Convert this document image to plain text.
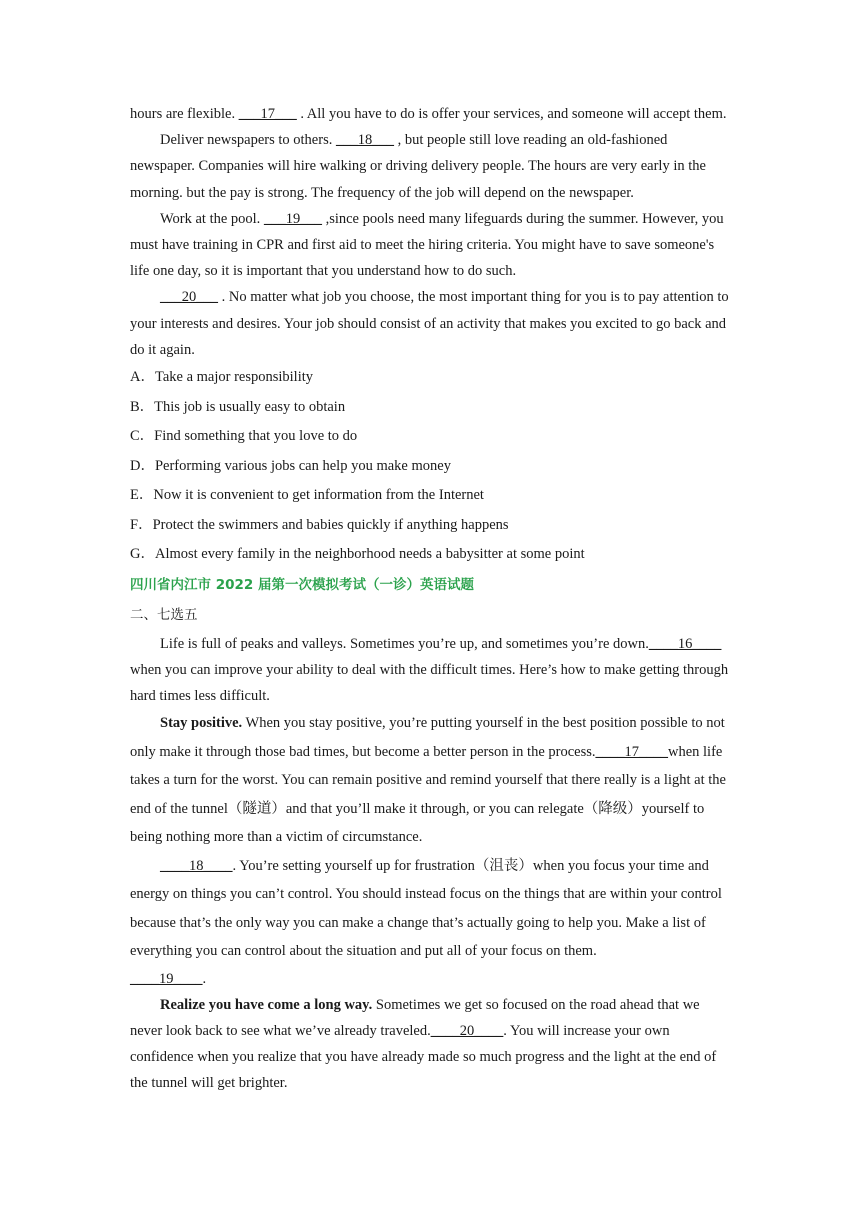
hours are flexible. ___17___ . All you have to do is offer your services, and someone will accept them.

Deliver newspapers to others. ___18___ , but people still love reading an old-fashioned newspaper. Companies will hire walking or driving delivery people. The hours are very early in the morning. but the pay is strong. The frequency of the job will depend on the newspaper.

Work at the pool. ___19___ ,since pools need many lifeguards during the summer. However, you must have training in CPR and first aid to meet the hiring criteria. You might have to save someone's life one day, so it is important that you understand how to do such.

___20___ . No matter what job you choose, the most important thing for you is to pay attention to your interests and desires. Your job should consist of an activity that makes you excited to go back and do it again.

A．Take a major responsibility

B．This job is usually easy to obtain

C．Find something that you love to do

D．Performing various jobs can help you make money

E．Now it is convenient to get information from the Internet

F．Protect the swimmers and babies quickly if anything happens

G．Almost every family in the neighborhood needs a babysitter at some point

四川省内江市 2022 届第一次模拟考试（一诊）英语试题

二、七选五

Life is full of peaks and valleys. Sometimes you’re up, and sometimes you’re down.____16____ when you can improve your ability to deal with the difficult times. Here’s how to make getting through hard times less difficult.

Stay positive. When you stay positive, you’re putting yourself in the best position possible to not only make it through those bad times, but become a better person in the process.____17____when life takes a turn for the worst. You can remain positive and remind yourself that there really is a light at the end of the tunnel（隧道）and that you’ll make it through, or you can relegate（降级）yourself to being nothing more than a victim of circumstance.

____18____. You’re setting yourself up for frustration（沮丧）when you focus your time and energy on things you can’t control. You should instead focus on the things that are within your control because that’s the only way you can make a change that’s actually going to help you. Make a list of everything you can control about the situation and put all of your focus on them.

____19____.

Realize you have come a long way. Sometimes we get so focused on the road ahead that we never look back to see what we’ve already traveled.____20____. You will increase your own confidence when you realize that you have already made so much progress and the light at the end of the tunnel will get brighter.
